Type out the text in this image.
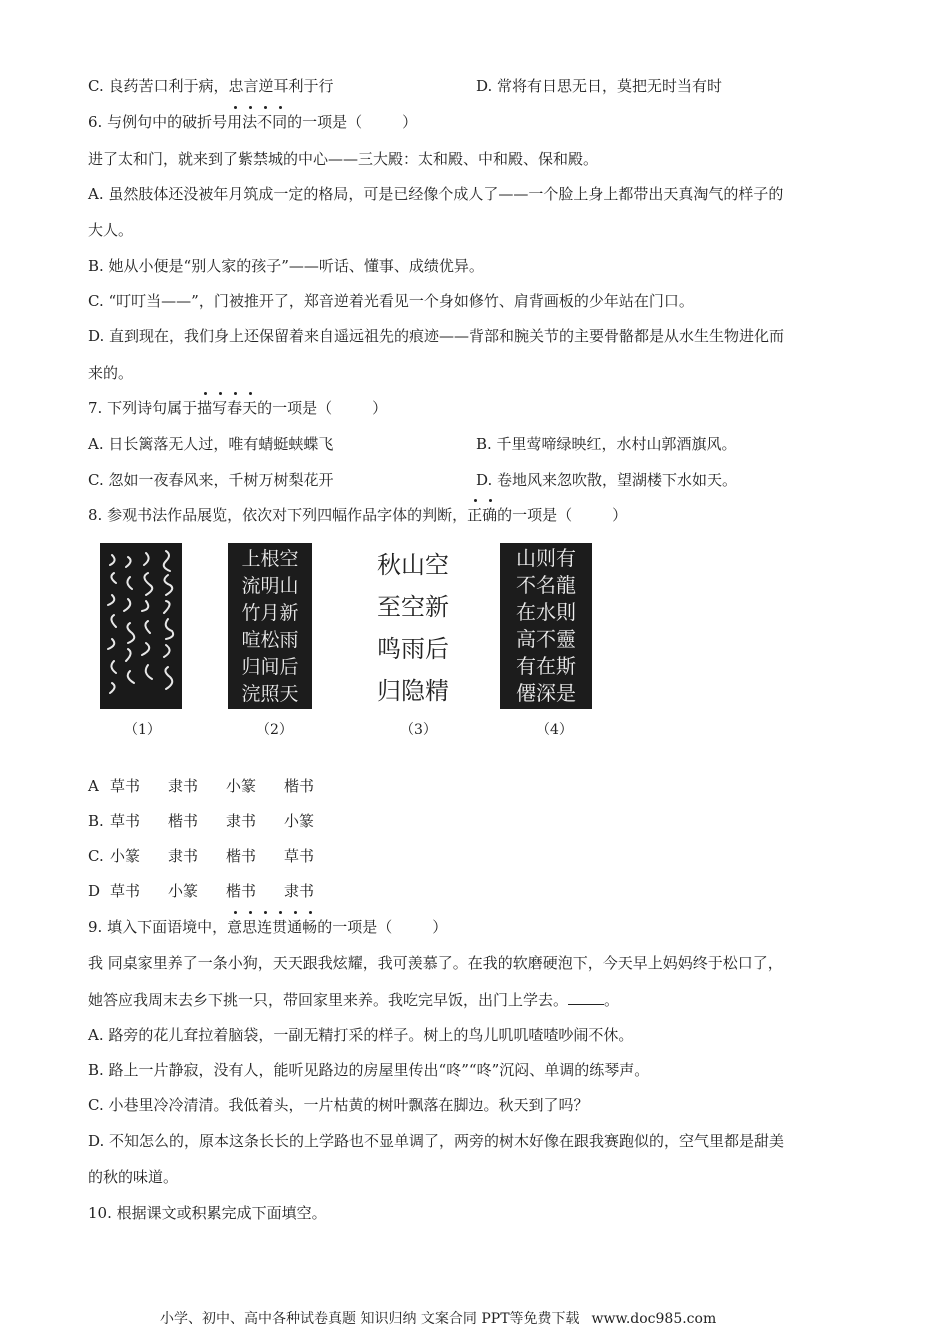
C. 良药苦口利于病，忠言逆耳利于行	D. 常将有日思无日，莫把无时当有时
6. 与例句中的破折号用法不同的一项是（	）
进了太和门，就来到了紫禁城的中心——三大殿：太和殿、中和殿、保和殿。
A. 虽然肢体还没被年月筑成一定的格局，可是已经像个成人了——一个脸上身上都带出天真淘气的样子的
大人。
B. 她从小便是“别人家的孩子”——听话、懂事、成绩优异。
C. “叮叮当——”，门被推开了，郑音逆着光看见一个身如修竹、肩背画板的少年站在门口。
D. 直到现在，我们身上还保留着来自遥远祖先的痕迹——背部和腕关节的主要骨骼都是从水生生物进化而
来的。
7. 下列诗句属于描写春天的一项是（	）
A. 日长篱落无人过，唯有蜻蜓蛱蝶飞	B. 千里莺啼绿映红，水村山郭酒旗风。
C. 忽如一夜春风来，千树万树梨花开	D. 卷地风来忽吹散，望湖楼下水如天。
8. 参观书法作品展览，依次对下列四幅作品字体的判断，正确的一项是（	）
（1）
上根空
流明山
竹月新
喧松雨
归间后
浣照天
（2）
秋山空
至空新
鸣雨后
归隐精
（3）
山则有
不名龍
在水則
高不靈
有在斯
僊深是
（4）
A 草书 隶书 小篆 楷书
B. 草书 楷书 隶书 小篆
C. 小篆 隶书 楷书 草书
D 草书 小篆 楷书 隶书
9. 填入下面语境中，意思连贯通畅的一项是（	）
我 同桌家里养了一条小狗，天天跟我炫耀，我可羡慕了。在我的软磨硬泡下，今天早上妈妈终于松口了，
她答应我周末去乡下挑一只，带回家里来养。我吃完早饭，出门上学去。 。
A. 路旁的花儿耷拉着脑袋，一副无精打采的样子。树上的鸟儿叽叽喳喳吵闹不休。
B. 路上一片静寂，没有人，能听见路边的房屋里传出“咚”“咚”沉闷、单调的练琴声。
C. 小巷里冷冷清清。我低着头，一片枯黄的树叶飘落在脚边。秋天到了吗？
D. 不知怎么的，原本这条长长的上学路也不显单调了，两旁的树木好像在跟我赛跑似的，空气里都是甜美
的秋的味道。
10. 根据课文或积累完成下面填空。
小学、初中、高中各种试卷真题 知识归纳 文案合同 PPT等免费下载 www.doc985.com
